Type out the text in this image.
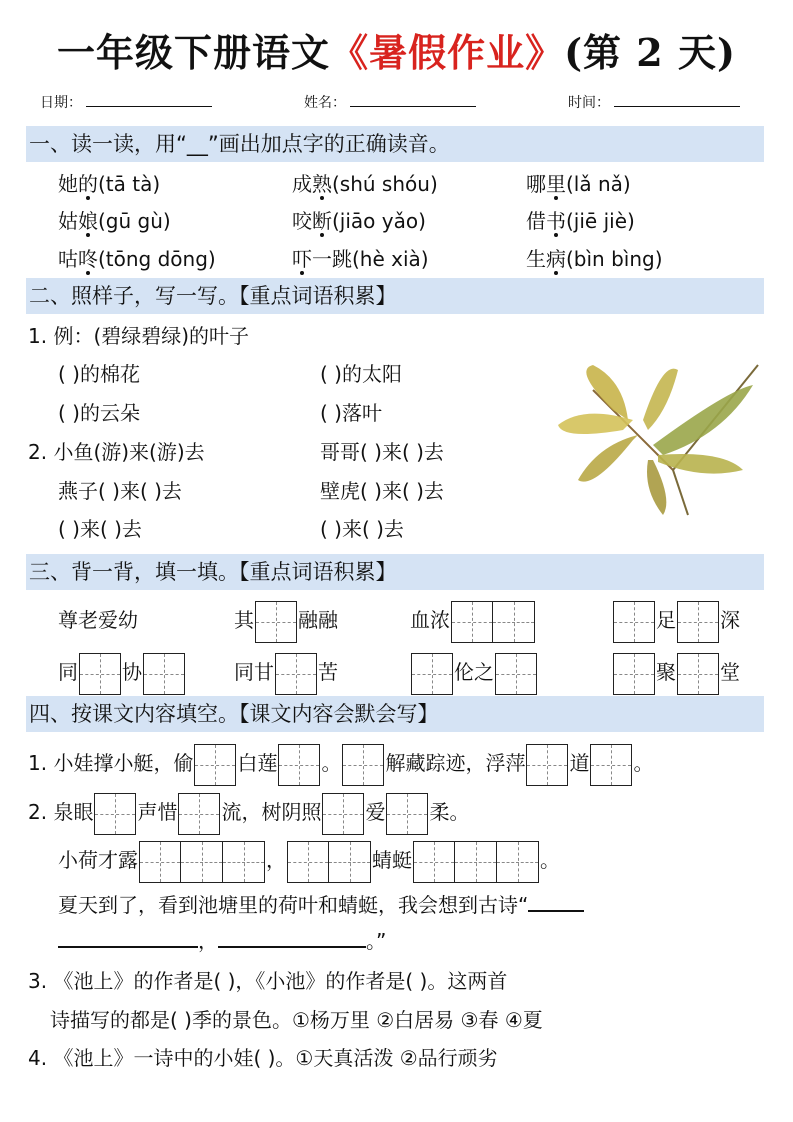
一年级下册语文《暑假作业》(第 2 天)
日期：	姓名：	时间：
一、读一读，用“__”画出加点字的正确读音。
她的(tā tà)	成熟(shú shóu)	哪里(lǎ nǎ)
姑娘(gū gù)	咬断(jiāo yǎo)	借书(jiē jiè)
咕咚(tōng dōng)	吓一跳(hè xià)	生病(bìn bìng)
二、照样子，写一写。【重点词语积累】
1. 例：(碧绿碧绿)的叶子
( )的棉花	( )的太阳
( )的云朵	( )落叶
2. 小鱼(游)来(游)去	哥哥( )来( )去
燕子( )来( )去	壁虎( )来( )去
( )来( )去	( )来( )去
三、背一背，填一填。【重点词语积累】
尊老爱幼	其 融融	血浓	足 深
同 协	同甘 苦	伦之	聚 堂
四、按课文内容填空。【课文内容会默会写】
1. 小娃撑小艇，偷 白莲 。 解藏踪迹，浮萍 道 。
2. 泉眼 声惜 流，树阴照 爱 柔。
小荷才露	，	蜻蜓	。
夏天到了，看到池塘里的荷叶和蜻蜓，我会想到古诗“
，	。”
3. 《池上》的作者是( )，《小池》的作者是( )。这两首
诗描写的都是( )季的景色。①杨万里 ②白居易 ③春 ④夏
4. 《池上》一诗中的小娃( )。①天真活泼 ②品行顽劣
